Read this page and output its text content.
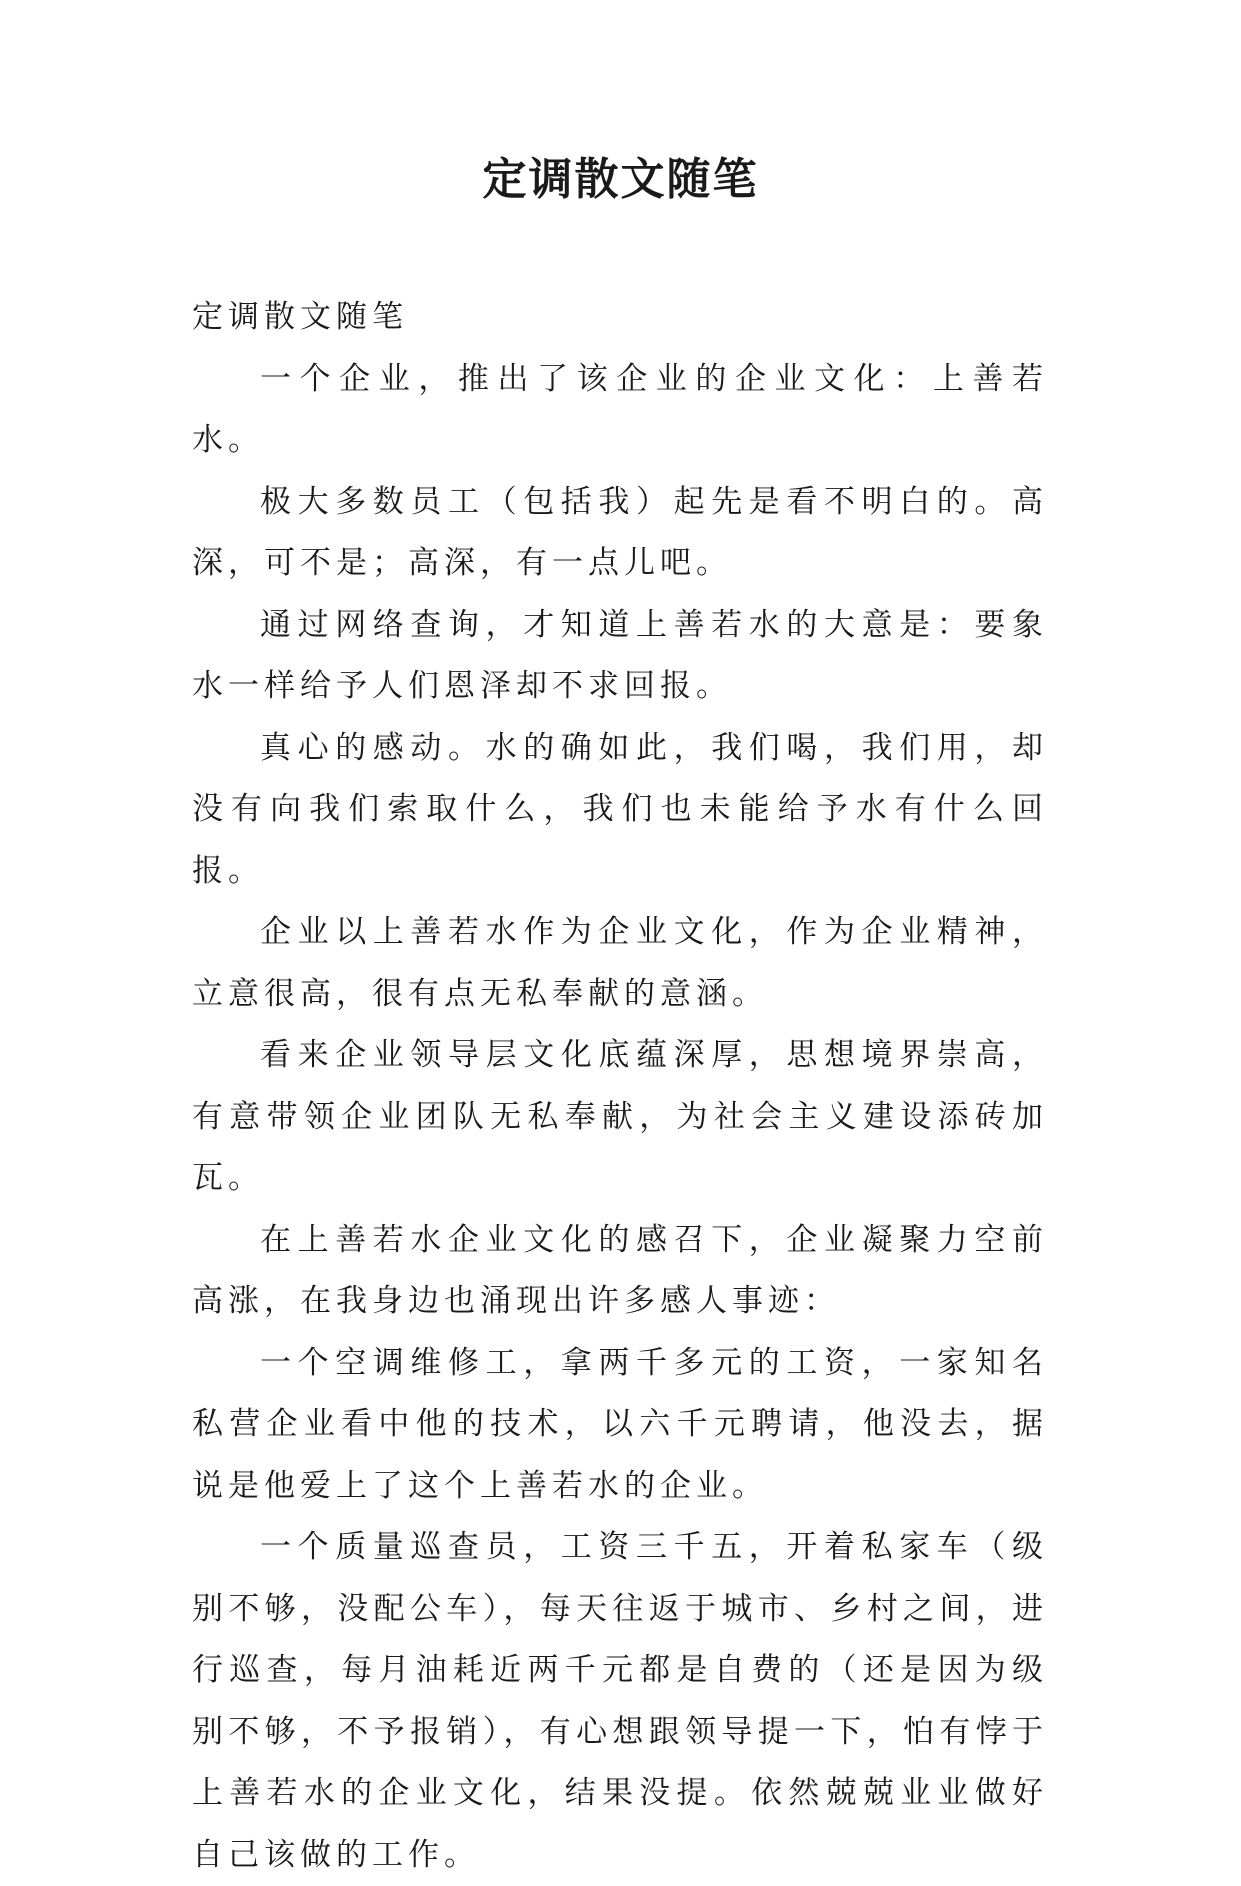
定调散文随笔

定调散文随笔

一个企业，推出了该企业的企业文化：上善若水。

极大多数员工（包括我）起先是看不明白的。高深，可不是；高深，有一点儿吧。

通过网络查询，才知道上善若水的大意是：要象水一样给予人们恩泽却不求回报。

真心的感动。水的确如此，我们喝，我们用，却没有向我们索取什么，我们也未能给予水有什么回报。

企业以上善若水作为企业文化，作为企业精神，立意很高，很有点无私奉献的意涵。

看来企业领导层文化底蕴深厚，思想境界崇高，有意带领企业团队无私奉献，为社会主义建设添砖加瓦。

在上善若水企业文化的感召下，企业凝聚力空前高涨，在我身边也涌现出许多感人事迹：

一个空调维修工，拿两千多元的工资，一家知名私营企业看中他的技术，以六千元聘请，他没去，据说是他爱上了这个上善若水的企业。

一个质量巡查员，工资三千五，开着私家车（级别不够，没配公车），每天往返于城市、乡村之间，进行巡查，每月油耗近两千元都是自费的（还是因为级别不够，不予报销），有心想跟领导提一下，怕有悖于上善若水的企业文化，结果没提。依然兢兢业业做好自己该做的工作。
